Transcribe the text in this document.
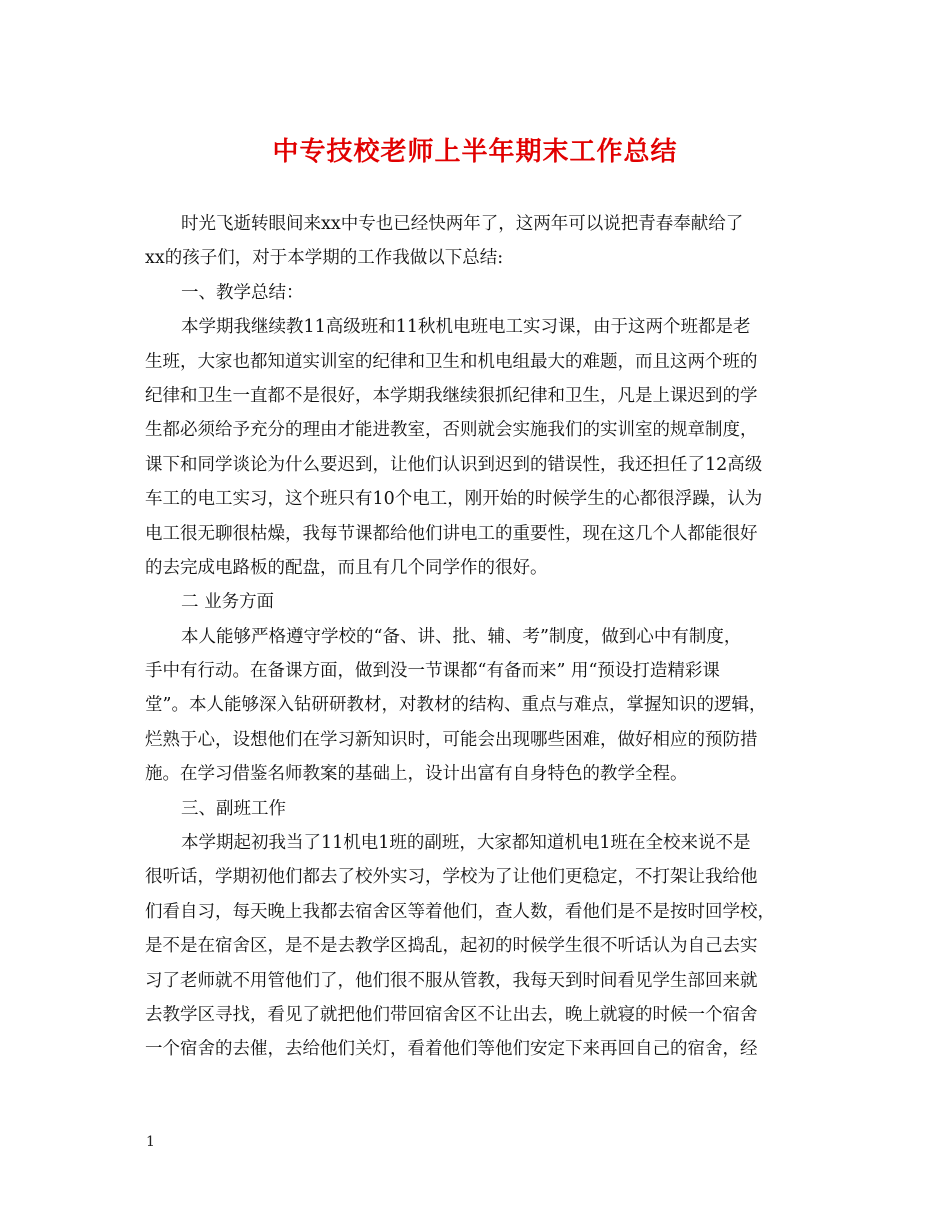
中专技校老师上半年期末工作总结
时光飞逝转眼间来xx中专也已经快两年了，这两年可以说把青春奉献给了
xx的孩子们，对于本学期的工作我做以下总结:
一、教学总结：
本学期我继续教11高级班和11秋机电班电工实习课，由于这两个班都是老
生班，大家也都知道实训室的纪律和卫生和机电组最大的难题，而且这两个班的
纪律和卫生一直都不是很好，本学期我继续狠抓纪律和卫生，凡是上课迟到的学
生都必须给予充分的理由才能进教室，否则就会实施我们的实训室的规章制度，
课下和同学谈论为什么要迟到，让他们认识到迟到的错误性，我还担任了12高级
车工的电工实习，这个班只有10个电工，刚开始的时候学生的心都很浮躁，认为
电工很无聊很枯燥，我每节课都给他们讲电工的重要性，现在这几个人都能很好
的去完成电路板的配盘，而且有几个同学作的很好。
二 业务方面
本人能够严格遵守学校的“备、讲、批、辅、考”制度，做到心中有制度，
手中有行动。在备课方面，做到没一节课都“有备而来” 用“预设打造精彩课
堂”。本人能够深入钻研研教材，对教材的结构、重点与难点，掌握知识的逻辑，
烂熟于心，设想他们在学习新知识时，可能会出现哪些困难，做好相应的预防措
施。在学习借鉴名师教案的基础上，设计出富有自身特色的教学全程。
三、副班工作
本学期起初我当了11机电1班的副班，大家都知道机电1班在全校来说不是
很听话，学期初他们都去了校外实习，学校为了让他们更稳定，不打架让我给他
们看自习，每天晚上我都去宿舍区等着他们，查人数，看他们是不是按时回学校，
是不是在宿舍区，是不是去教学区捣乱，起初的时候学生很不听话认为自己去实
习了老师就不用管他们了，他们很不服从管教，我每天到时间看见学生部回来就
去教学区寻找，看见了就把他们带回宿舍区不让出去，晚上就寝的时候一个宿舍
一个宿舍的去催，去给他们关灯，看着他们等他们安定下来再回自己的宿舍，经
1
